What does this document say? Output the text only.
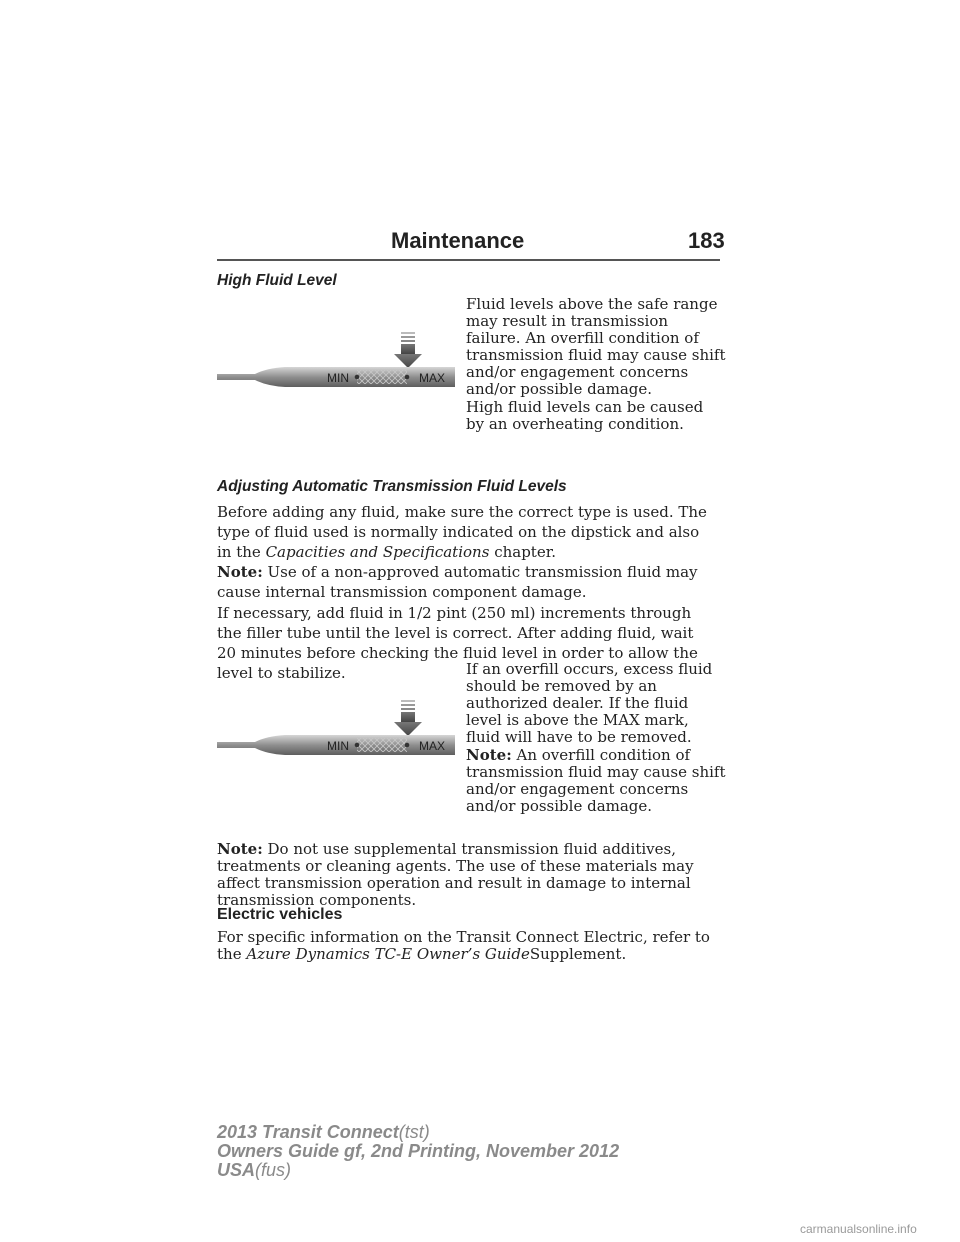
Maintenance	183
High Fluid Level
MIN	MAX

Fluid levels above the safe range may result in transmission failure. An overfill condition of transmission fluid may cause shift and/or engagement concerns and/or possible damage.

High fluid levels can be caused by an overheating condition.

Adjusting Automatic Transmission Fluid Levels

Before adding any fluid, make sure the correct type is used. The type of fluid used is normally indicated on the dipstick and also in the Capacities and Specifications chapter.

Note: Use of a non-approved automatic transmission fluid may cause internal transmission component damage.

If necessary, add fluid in 1/2 pint (250 ml) increments through the filler tube until the level is correct. After adding fluid, wait 20 minutes before checking the fluid level in order to allow the level to stabilize.

MIN	MAX

If an overfill occurs, excess fluid should be removed by an authorized dealer. If the fluid level is above the MAX mark, fluid will have to be removed.

Note: An overfill condition of transmission fluid may cause shift and/or engagement concerns and/or possible damage.

Note: Do not use supplemental transmission fluid additives, treatments or cleaning agents. The use of these materials may affect transmission operation and result in damage to internal transmission components.

Electric vehicles

For specific information on the Transit Connect Electric, refer to the Azure Dynamics TC-E Owner’s GuideSupplement.

2013 Transit Connect(tst)
Owners Guide gf, 2nd Printing, November 2012
USA(fus)
carmanualsonline.info
